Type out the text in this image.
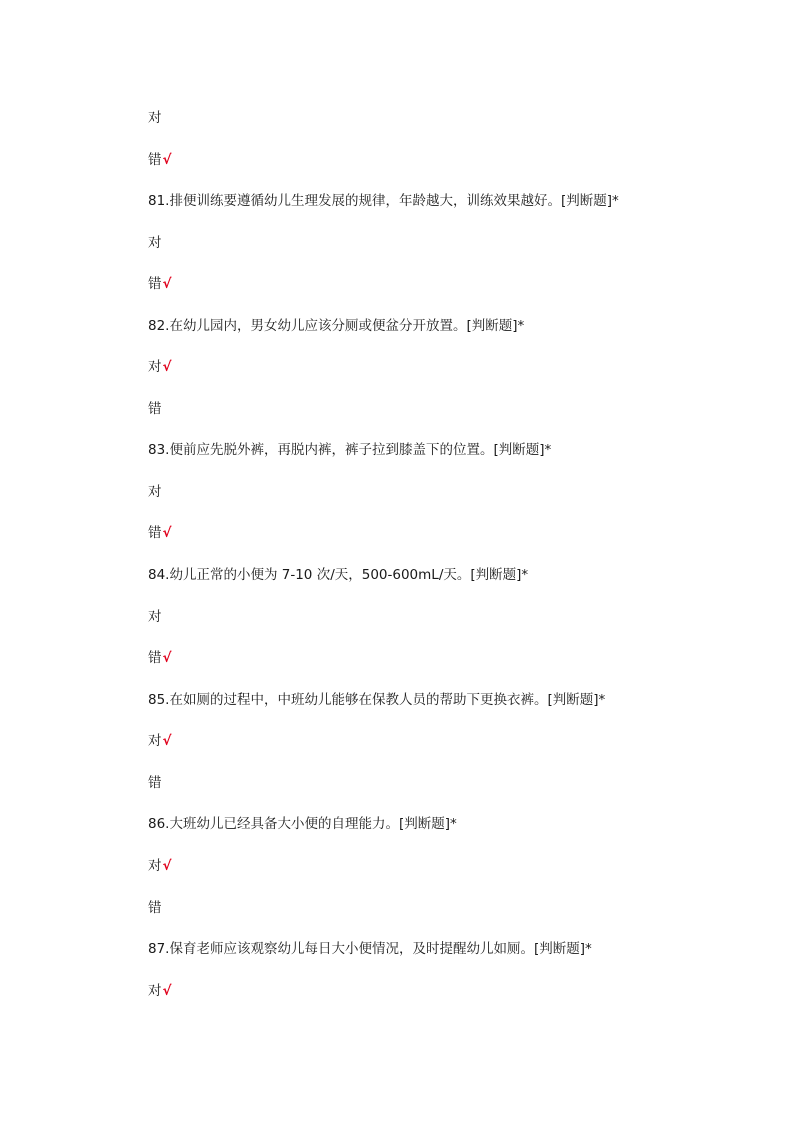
对
错√
81.排便训练要遵循幼儿生理发展的规律，年龄越大，训练效果越好。[判断题]*
对
错√
82.在幼儿园内，男女幼儿应该分厕或便盆分开放置。[判断题]*
对√
错
83.便前应先脱外裤，再脱内裤，裤子拉到膝盖下的位置。[判断题]*
对
错√
84.幼儿正常的小便为 7-10 次/天，500-600mL/天。[判断题]*
对
错√
85.在如厕的过程中，中班幼儿能够在保教人员的帮助下更换衣裤。[判断题]*
对√
错
86.大班幼儿已经具备大小便的自理能力。[判断题]*
对√
错
87.保育老师应该观察幼儿每日大小便情况，及时提醒幼儿如厕。[判断题]*
对√
